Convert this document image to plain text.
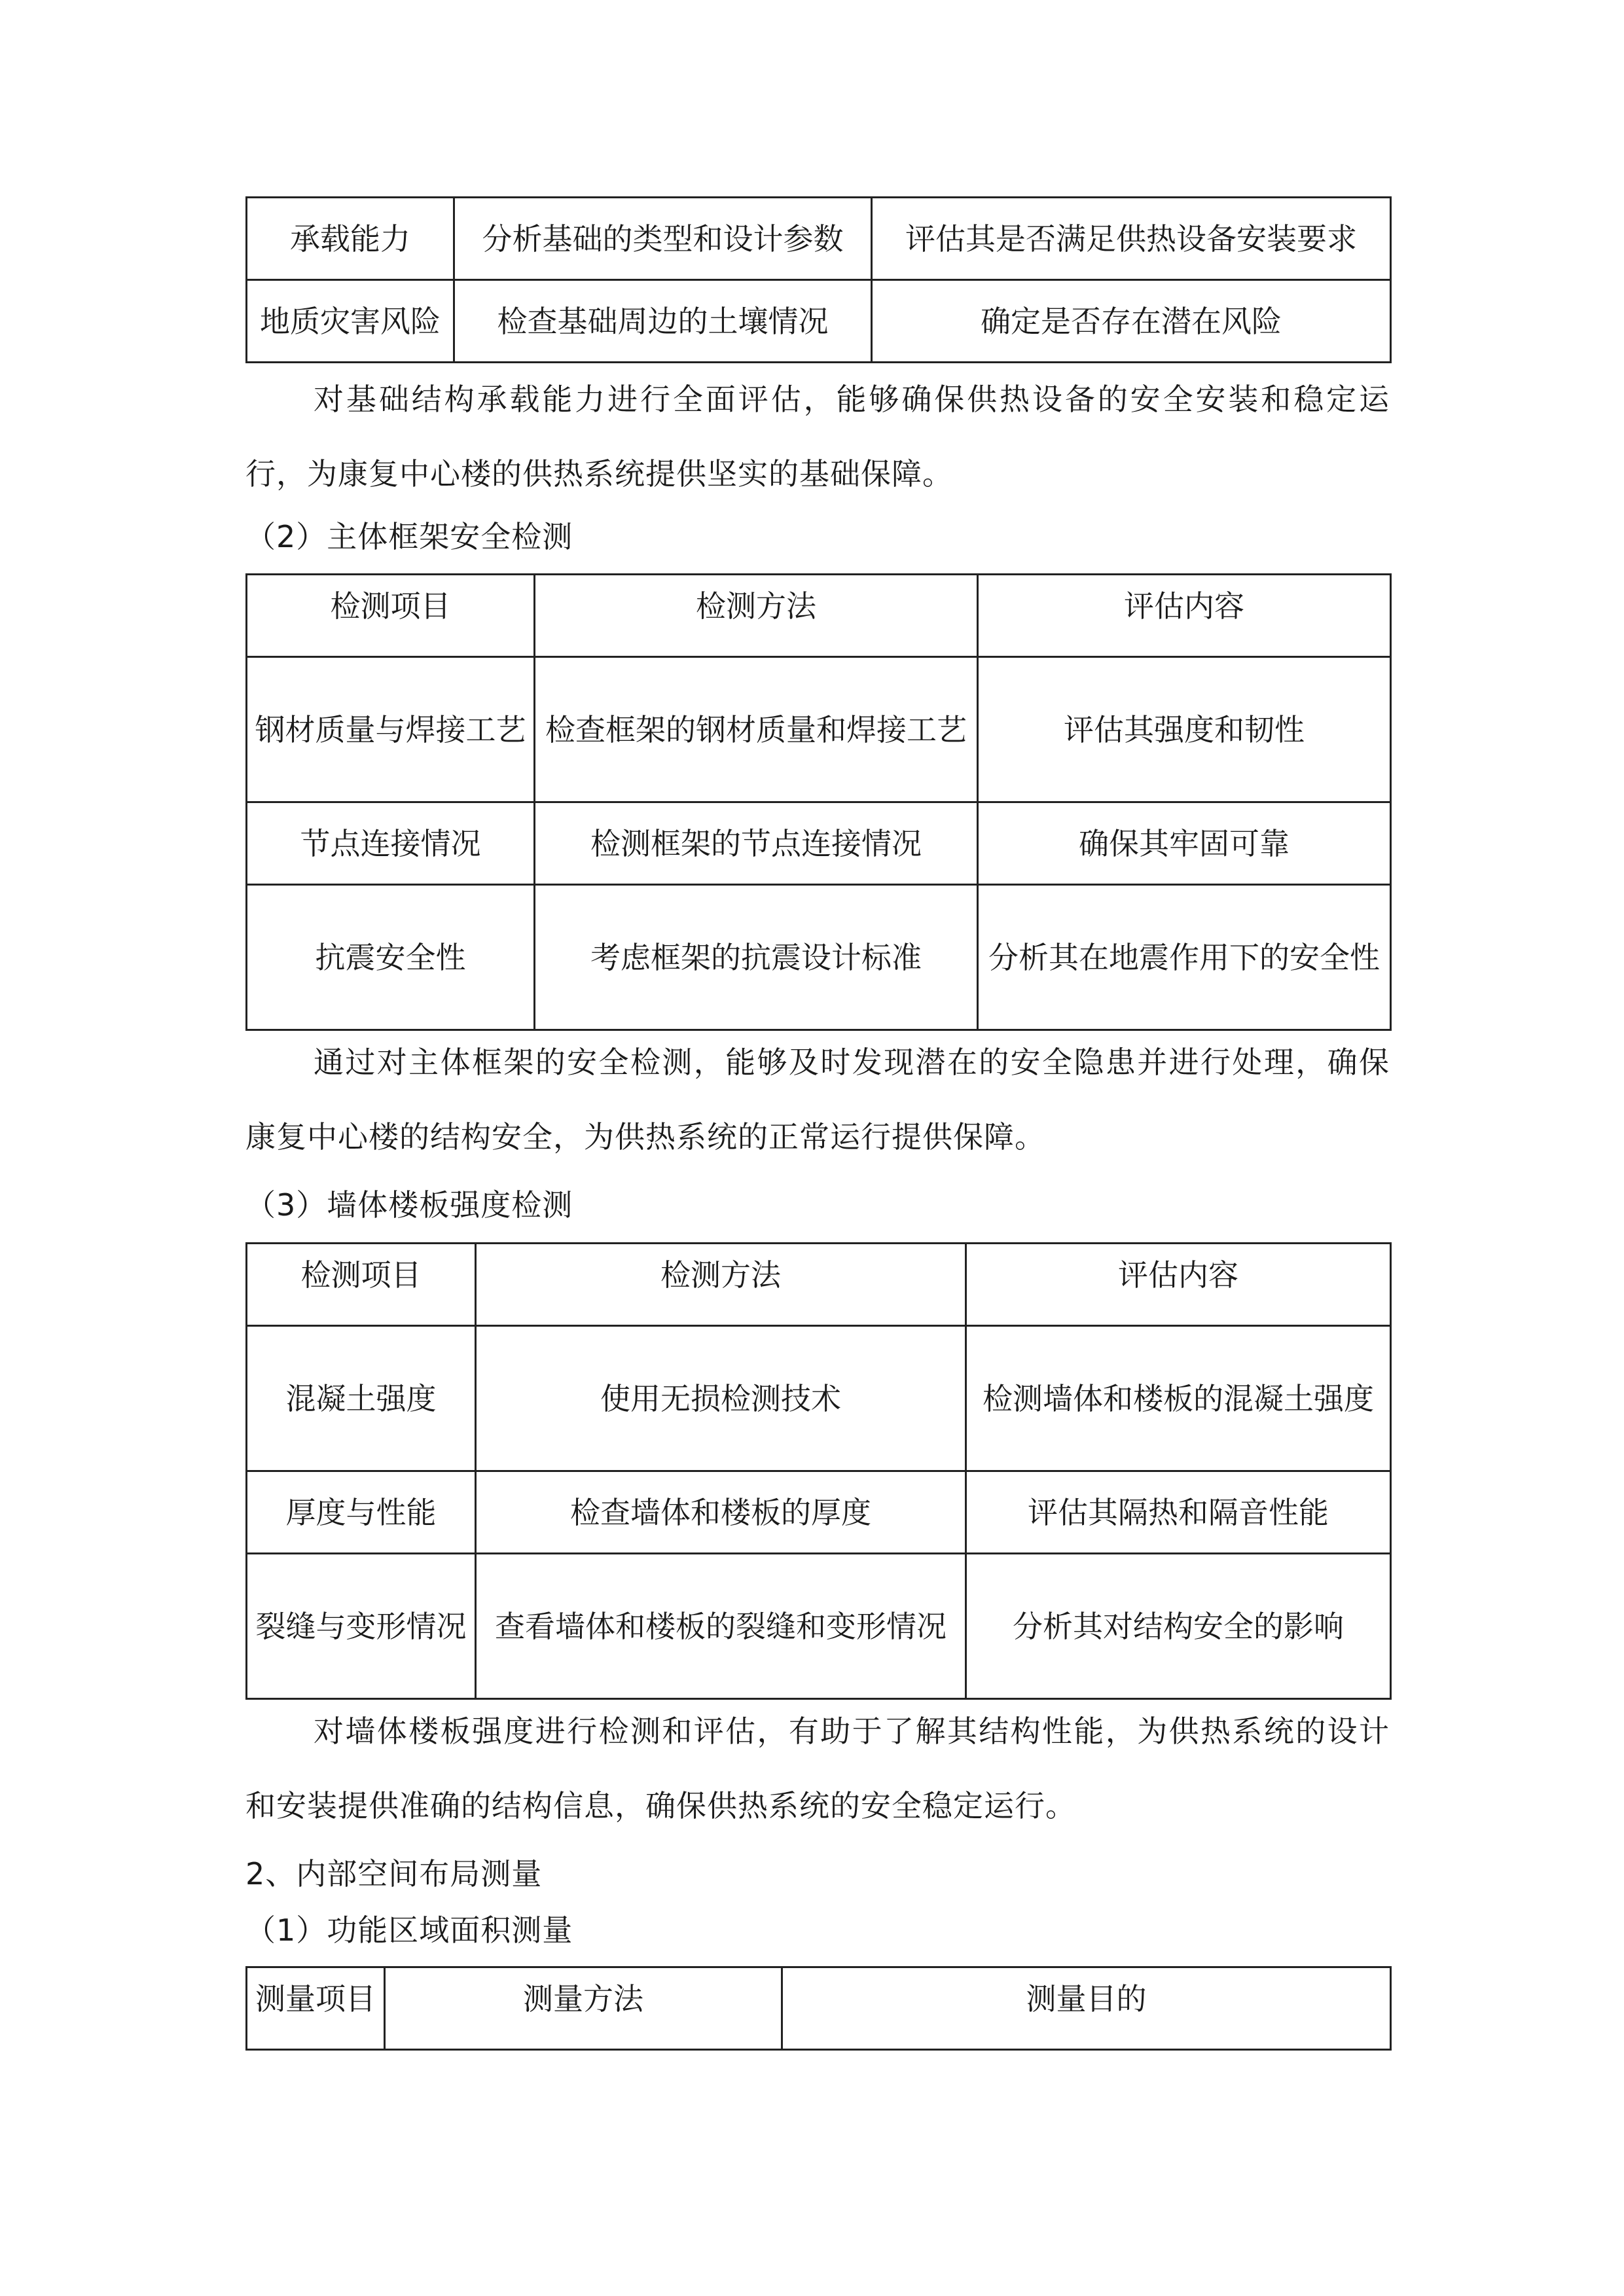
承载能力	分析基础的类型和设计参数	评估其是否满足供热设备安装要求
地质灾害风险	检查基础周边的土壤情况	确定是否存在潜在风险
对基础结构承载能力进行全面评估，能够确保供热设备的安全安装和稳定运行，为康复中心楼的供热系统提供坚实的基础保障。
（2）主体框架安全检测
检测项目	检测方法	评估内容
钢材质量与焊接工艺	检查框架的钢材质量和焊接工艺	评估其强度和韧性
节点连接情况	检测框架的节点连接情况	确保其牢固可靠
抗震安全性	考虑框架的抗震设计标准	分析其在地震作用下的安全性
通过对主体框架的安全检测，能够及时发现潜在的安全隐患并进行处理，确保康复中心楼的结构安全，为供热系统的正常运行提供保障。
（3）墙体楼板强度检测
检测项目	检测方法	评估内容
混凝土强度	使用无损检测技术	检测墙体和楼板的混凝土强度
厚度与性能	检查墙体和楼板的厚度	评估其隔热和隔音性能
裂缝与变形情况	查看墙体和楼板的裂缝和变形情况	分析其对结构安全的影响
对墙体楼板强度进行检测和评估，有助于了解其结构性能，为供热系统的设计和安装提供准确的结构信息，确保供热系统的安全稳定运行。
2、内部空间布局测量
（1）功能区域面积测量
测量项目	测量方法	测量目的
